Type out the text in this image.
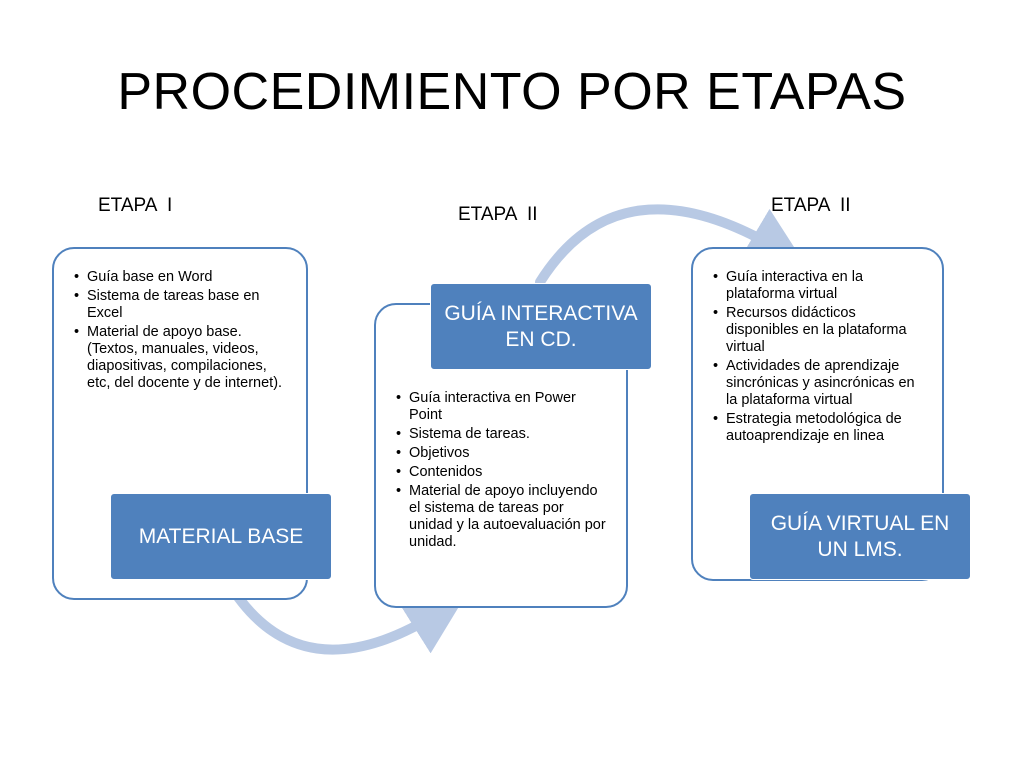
PROCEDIMIENTO POR ETAPAS
ETAPA  I
• Guía base en Word
• Sistema de tareas base en Excel
• Material de apoyo base.(Textos, manuales, videos, diapositivas, compilaciones, etc, del docente y de internet).
MATERIAL BASE
ETAPA  II
GUÍA INTERACTIVA EN CD.
• Guía interactiva en Power Point
• Sistema de tareas.
• Objetivos
• Contenidos
• Material de apoyo incluyendo el sistema de tareas por unidad y la autoevaluación por unidad.
ETAPA  II
• Guía interactiva en la plataforma virtual
• Recursos didácticos disponibles en la plataforma virtual
• Actividades de aprendizaje sincrónicas y asincrónicas en la plataforma virtual
• Estrategia metodológica de autoaprendizaje en linea
GUÍA VIRTUAL EN UN LMS.
